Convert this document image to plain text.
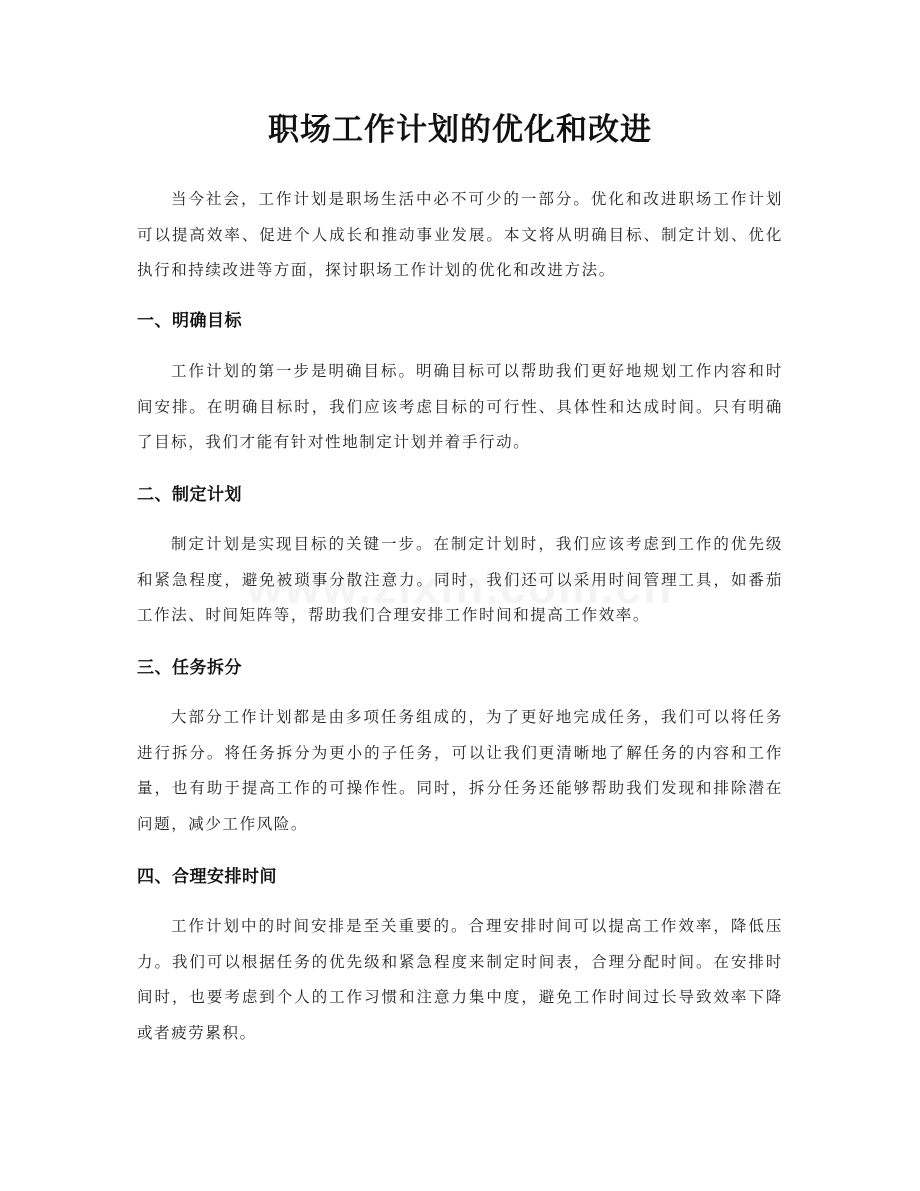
职场工作计划的优化和改进

当今社会，工作计划是职场生活中必不可少的一部分。优化和改进职场工作计划可以提高效率、促进个人成长和推动事业发展。本文将从明确目标、制定计划、优化执行和持续改进等方面，探讨职场工作计划的优化和改进方法。

一、明确目标

工作计划的第一步是明确目标。明确目标可以帮助我们更好地规划工作内容和时间安排。在明确目标时，我们应该考虑目标的可行性、具体性和达成时间。只有明确了目标，我们才能有针对性地制定计划并着手行动。

二、制定计划

制定计划是实现目标的关键一步。在制定计划时，我们应该考虑到工作的优先级和紧急程度，避免被琐事分散注意力。同时，我们还可以采用时间管理工具，如番茄工作法、时间矩阵等，帮助我们合理安排工作时间和提高工作效率。

三、任务拆分

大部分工作计划都是由多项任务组成的，为了更好地完成任务，我们可以将任务进行拆分。将任务拆分为更小的子任务，可以让我们更清晰地了解任务的内容和工作量，也有助于提高工作的可操作性。同时，拆分任务还能够帮助我们发现和排除潜在问题，减少工作风险。

四、合理安排时间

工作计划中的时间安排是至关重要的。合理安排时间可以提高工作效率，降低压力。我们可以根据任务的优先级和紧急程度来制定时间表，合理分配时间。在安排时间时，也要考虑到个人的工作习惯和注意力集中度，避免工作时间过长导致效率下降或者疲劳累积。
